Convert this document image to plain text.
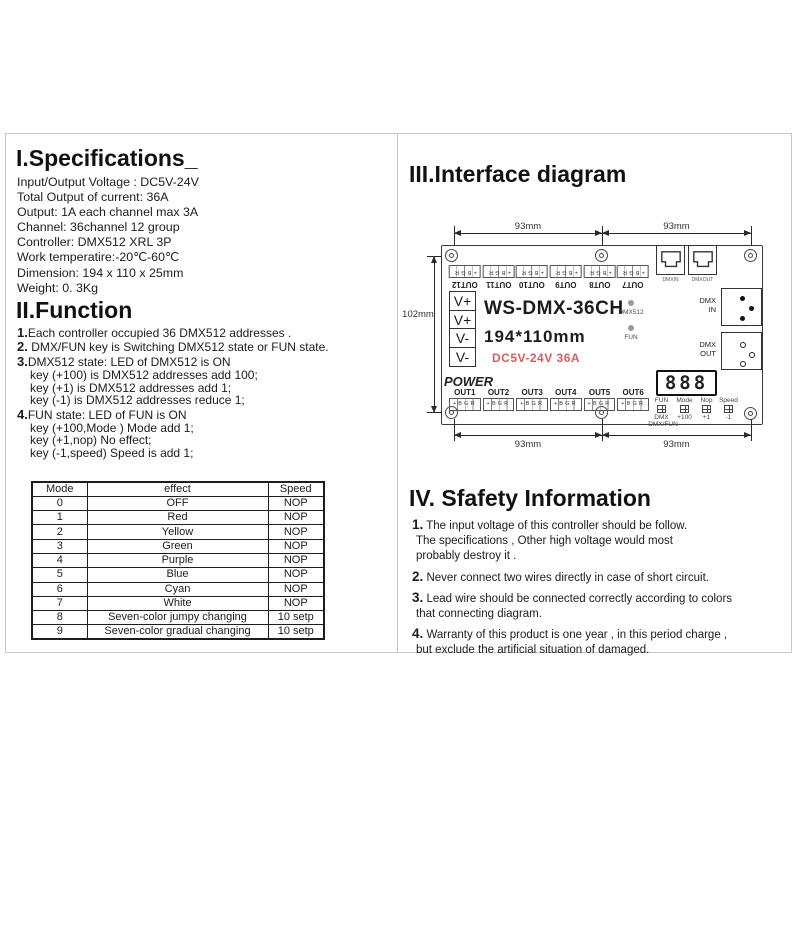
I.Specifications_
Input/Output Voltage : DC5V-24V
Total Output of current: 36A
Output: 1A each channel max 3A
Channel: 36channel 12 group
Controller: DMX512 XRL 3P
Work temperatire:-20℃-60℃
Dimension: 194 x 110 x 25mm
Weight: 0. 3Kg
II.Function
1.Each controller occupied 36 DMX512 addresses .
2. DMX/FUN key is Switching DMX512 state or FUN state.
3.DMX512 state: LED of DMX512 is ON
key (+100) is DMX512 addresses add 100;
key (+1) is DMX512 addresses add 1;
key (-1) is DMX512 addresses reduce 1;
4.FUN state: LED of FUN is ON
key (+100,Mode ) Mode add 1;
key (+1,nop) No effect;
key (-1,speed) Speed is add 1;
Mode	effect	Speed
0	OFF	NOP
1	Red	NOP
2	Yellow	NOP
3	Green	NOP
4	Purple	NOP
5	Blue	NOP
6	Cyan	NOP
7	White	NOP
8	Seven-color jumpy changing	10 setp
9	Seven-color gradual changing	10 setp
III.Interface diagram
93mm	93mm
102mm
+BGR	+BGR	+BGR	+BGR	+BGR	+BGR
OUT12	OUT11	OUT10	OUT9	OUT8	OUT7	DMXIN	DMXOUT
V+
V+
V-
V-
POWER
WS-DMX-36CH
194*110mm
DC5V-24V 36A
DMX512
FUN
DMX
IN
DMX
OUT
888
FUN
DMX
Mode
+100
Nop
+1
Speed
-1
DMX/FUN
OUT1	OUT2	OUT3	OUT4	OUT5	OUT6
+BGR	+BGR	+BGR	+BGR	+BGR	+BGR
93mm	93mm
IV. Sfafety Information
1. The input voltage of this controller should be follow.
The specifications , Other high voltage would most
probably destroy it .
2. Never connect two wires directly in case of short circuit.
3. Lead wire should be connected correctly according to colors
that connecting diagram.
4. Warranty of this product is one year , in this period charge ,
but exclude the artificial situation of damaged.
